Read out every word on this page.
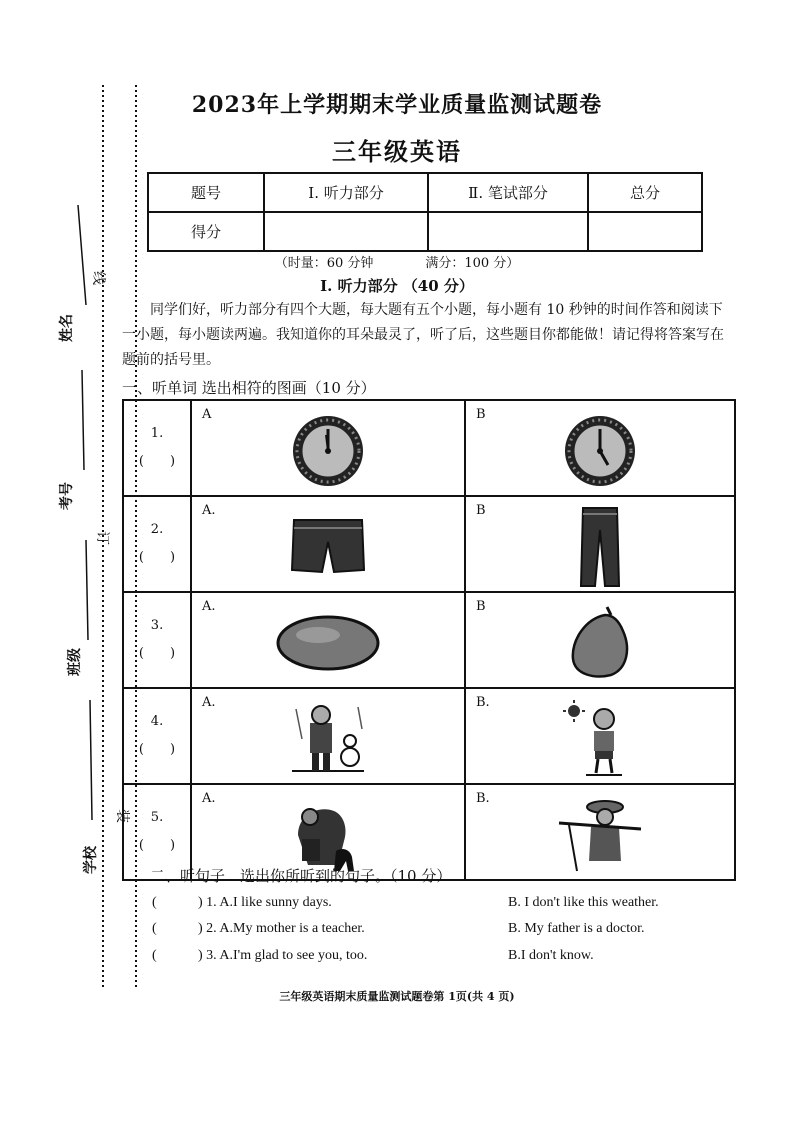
姓名
考号
班级
学校
线
订
装
2023年上学期期末学业质量监测试题卷
三年级英语
题号	Ⅰ. 听力部分	Ⅱ. 笔试部分	总分
得分			
（时量：60 分钟　　　　满分：100 分）
Ⅰ. 听力部分 （40 分）
同学们好，听力部分有四个大题，每大题有五个小题，每小题有 10 秒钟的时间作答和阅读下一小题，每小题读两遍。我知道你的耳朵最灵了，听了后，这些题目你都能做！请记得将答案写在题前的括号里。
一、听单词 选出相符的图画（10 分）
1.
(　　)	A	B

2.
(　　)	A.	B

3.
(　　)	A.	B

4.
(　　)	A.	B.

5.
(　　)	A.	B.
二、听句子　选出你所听到的句子。（10 分）
(	) 1. A.I like sunny days.	B. I don't like this weather.
(	) 2. A.My mother is a teacher.	B. My father is a doctor.
(	) 3. A.I'm glad to see you, too.	B.I don't know.
三年级英语期末质量监测试题卷第 1页(共 4 页)
